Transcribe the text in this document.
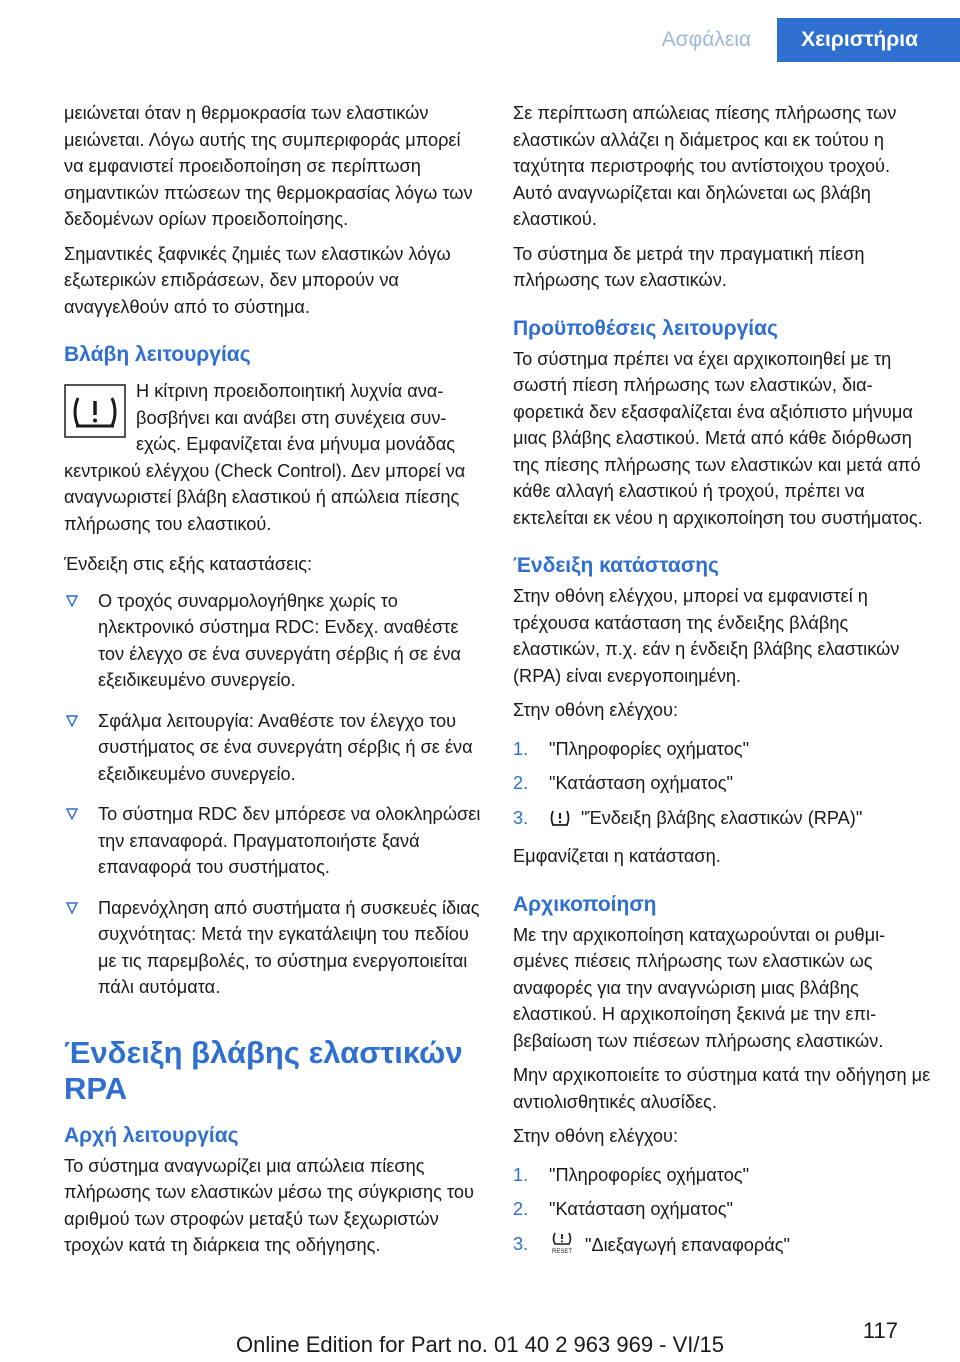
Ασφάλεια	Χειριστήρια

μειώνεται όταν η θερμοκρασία των ελαστικών μειώνεται. Λόγω αυτής της συμπεριφοράς μπορεί να εμφανιστεί προειδοποίηση σε περίπτωση σημαντικών πτώσεων της θερμοκρασίας λόγω των δεδομένων ορίων προειδοποίησης.

Σημαντικές ξαφνικές ζημιές των ελαστικών λόγω εξωτερικών επιδράσεων, δεν μπορούν να αναγγελθούν από το σύστημα.

Βλάβη λειτουργίας

Η κίτρινη προειδοποιητική λυχνία αναβοσβήνει και ανάβει στη συνέχεια συνεχώς. Εμφανίζεται ένα μήνυμα μονάδας κεντρικού ελέγχου (Check Control). Δεν μπορεί να αναγνωριστεί βλάβη ελαστικού ή απώλεια πίεσης πλήρωσης του ελαστικού.

Ένδειξη στις εξής καταστάσεις:

Ο τροχός συναρμολογήθηκε χωρίς το ηλεκτρονικό σύστημα RDC: Ενδεχ. αναθέστε τον έλεγχο σε ένα συνεργάτη σέρβις ή σε ένα εξειδικευμένο συνεργείο.
Σφάλμα λειτουργία: Αναθέστε τον έλεγχο του συστήματος σε ένα συνεργάτη σέρβις ή σε ένα εξειδικευμένο συνεργείο.
Το σύστημα RDC δεν μπόρεσε να ολοκληρώσει την επαναφορά. Πραγματοποιήστε ξανά επαναφορά του συστήματος.
Παρενόχληση από συστήματα ή συσκευές ίδιας συχνότητας: Μετά την εγκατάλειψη του πεδίου με τις παρεμβολές, το σύστημα ενεργοποιείται πάλι αυτόματα.
Ένδειξη βλάβης ελαστικών RPA
Αρχή λειτουργίας

Το σύστημα αναγνωρίζει μια απώλεια πίεσης πλήρωσης των ελαστικών μέσω της σύγκρισης του αριθμού των στροφών μεταξύ των ξεχωριστών τροχών κατά τη διάρκεια της οδήγησης.

Σε περίπτωση απώλειας πίεσης πλήρωσης των ελαστικών αλλάζει η διάμετρος και εκ τούτου η ταχύτητα περιστροφής του αντίστοιχου τροχού. Αυτό αναγνωρίζεται και δηλώνεται ως βλάβη ελαστικού.

Το σύστημα δε μετρά την πραγματική πίεση πλήρωσης των ελαστικών.

Προϋποθέσεις λειτουργίας

Το σύστημα πρέπει να έχει αρχικοποιηθεί με τη σωστή πίεση πλήρωσης των ελαστικών, διαφορετικά δεν εξασφαλίζεται ένα αξιόπιστο μήνυμα μιας βλάβης ελαστικού. Μετά από κάθε διόρθωση της πίεσης πλήρωσης των ελαστικών και μετά από κάθε αλλαγή ελαστικού ή τροχού, πρέπει να εκτελείται εκ νέου η αρχικοποίηση του συστήματος.

Ένδειξη κατάστασης

Στην οθόνη ελέγχου, μπορεί να εμφανιστεί η τρέχουσα κατάσταση της ένδειξης βλάβης ελαστικών, π.χ. εάν η ένδειξη βλάβης ελαστικών (RPA) είναι ενεργοποιημένη.

Στην οθόνη ελέγχου:

1. "Πληροφορίες οχήματος"
2. "Κατάσταση οχήματος"
3.	"Ένδειξη βλάβης ελαστικών (RPA)"

Εμφανίζεται η κατάσταση.

Αρχικοποίηση

Με την αρχικοποίηση καταχωρούνται οι ρυθμισμένες πιέσεις πλήρωσης των ελαστικών ως αναφορές για την αναγνώριση μιας βλάβης ελαστικού. Η αρχικοποίηση ξεκινά με την επιβεβαίωση των πιέσεων πλήρωσης ελαστικών.

Μην αρχικοποιείτε το σύστημα κατά την οδήγηση με αντιολισθητικές αλυσίδες.

Στην οθόνη ελέγχου:

1. "Πληροφορίες οχήματος"
2. "Κατάσταση οχήματος"
3.	RESET "Διεξαγωγή επαναφοράς"
117
Online Edition for Part no. 01 40 2 963 969 - VI/15
